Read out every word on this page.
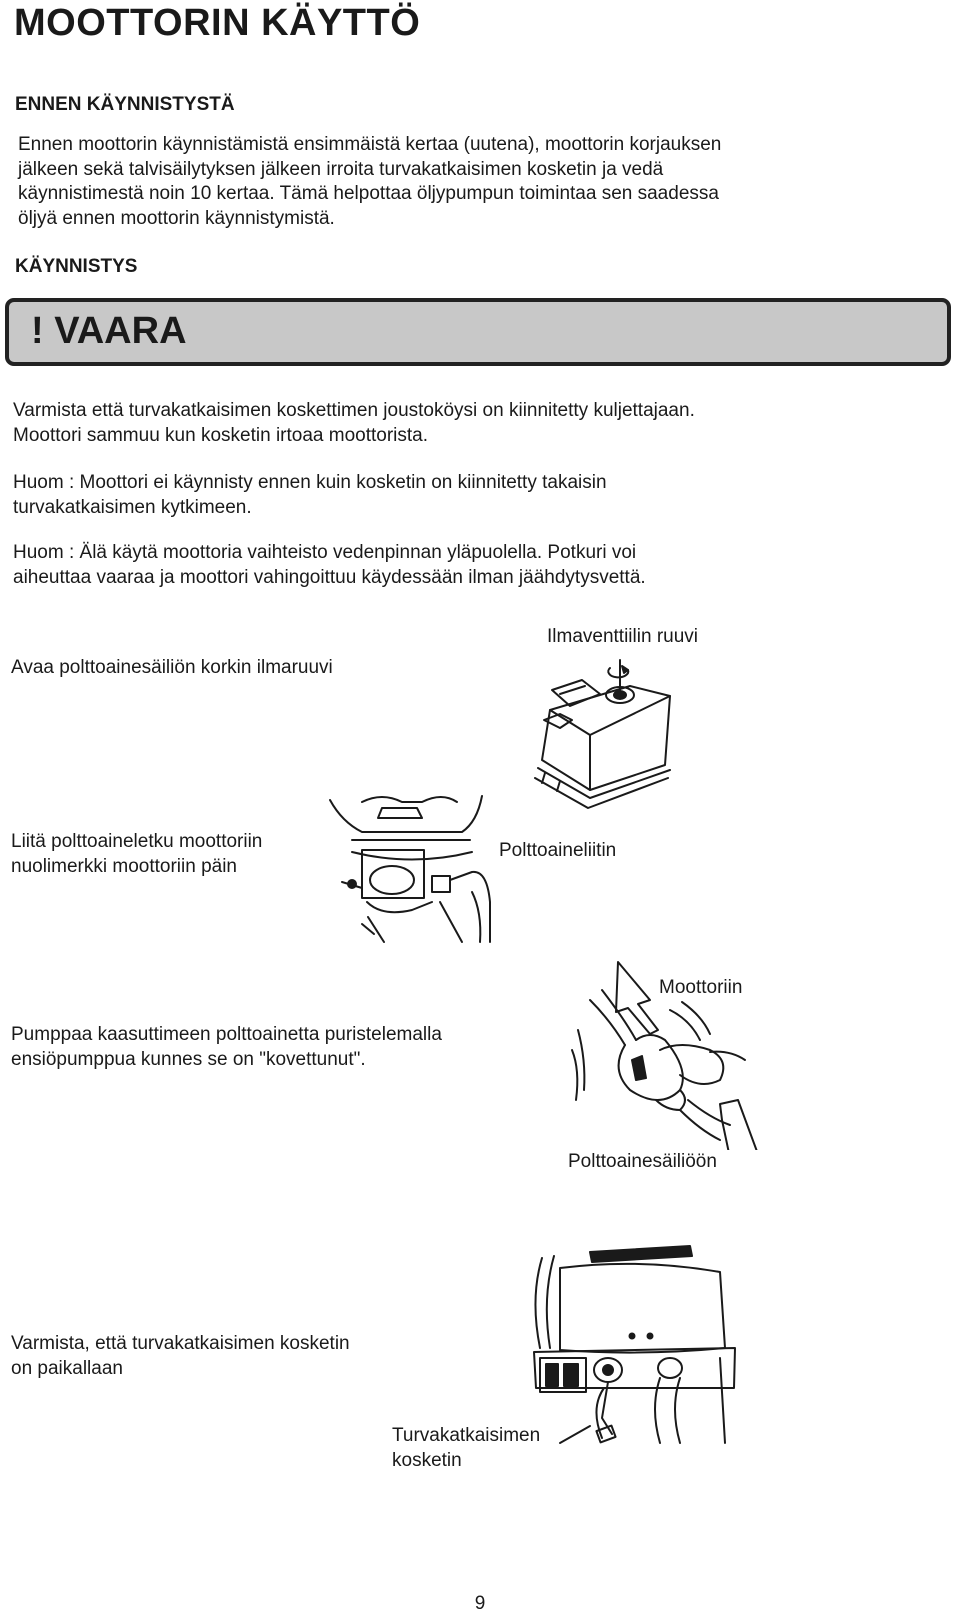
MOOTTORIN KÄYTTÖ
ENNEN KÄYNNISTYSTÄ
Ennen moottorin käynnistämistä ensimmäistä kertaa (uutena), moottorin korjauksen
jälkeen sekä talvisäilytyksen jälkeen irroita turvakatkaisimen kosketin ja vedä
käynnistimestä noin 10 kertaa. Tämä helpottaa öljypumpun toimintaa sen saadessa
öljyä ennen moottorin käynnistymistä.
KÄYNNISTYS
! VAARA
Varmista että turvakatkaisimen koskettimen joustoköysi on kiinnitetty kuljettajaan.
Moottori sammuu kun kosketin irtoaa moottorista.
Huom : Moottori ei käynnisty ennen kuin kosketin on kiinnitetty takaisin
turvakatkaisimen kytkimeen.
Huom : Älä käytä moottoria vaihteisto vedenpinnan yläpuolella. Potkuri voi
aiheuttaa vaaraa ja moottori vahingoittuu käydessään ilman jäähdytysvettä.
Avaa polttoainesäiliön korkin ilmaruuvi
Ilmaventtiilin ruuvi
Liitä polttoaineletku moottoriin
nuolimerkki moottoriin päin
Polttoaineliitin
Pumppaa kaasuttimeen polttoainetta puristelemalla
ensiöpumppua kunnes se on "kovettunut".
Moottoriin
Polttoainesäiliöön
Varmista, että turvakatkaisimen kosketin
on paikallaan
Turvakatkaisimen
kosketin
9
